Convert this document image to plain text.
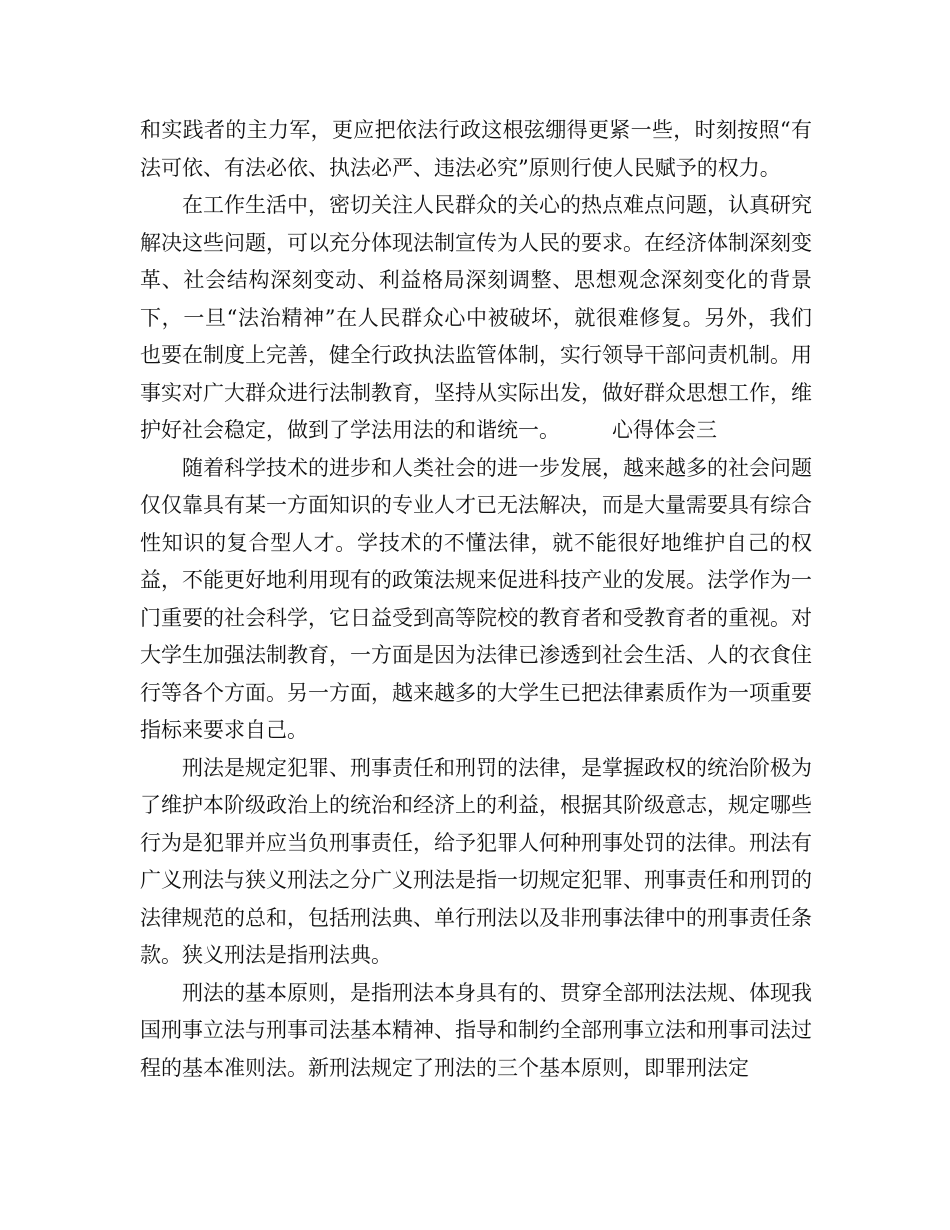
和实践者的主力军，更应把依法行政这根弦绷得更紧一些，时刻按照“有法可依、有法必依、执法必严、违法必究”原则行使人民赋予的权力。

在工作生活中，密切关注人民群众的关心的热点难点问题，认真研究解决这些问题，可以充分体现法制宣传为人民的要求。在经济体制深刻变革、社会结构深刻变动、利益格局深刻调整、思想观念深刻变化的背景下，一旦“法治精神”在人民群众心中被破坏，就很难修复。另外，我们也要在制度上完善，健全行政执法监管体制，实行领导干部问责机制。用事实对广大群众进行法制教育，坚持从实际出发，做好群众思想工作，维护好社会稳定，做到了学法用法的和谐统一。 心得体会三

随着科学技术的进步和人类社会的进一步发展，越来越多的社会问题仅仅靠具有某一方面知识的专业人才已无法解决，而是大量需要具有综合性知识的复合型人才。学技术的不懂法律，就不能很好地维护自己的权益，不能更好地利用现有的政策法规来促进科技产业的发展。法学作为一门重要的社会科学，它日益受到高等院校的教育者和受教育者的重视。对大学生加强法制教育，一方面是因为法律已渗透到社会生活、人的衣食住行等各个方面。另一方面，越来越多的大学生已把法律素质作为一项重要指标来要求自己。

刑法是规定犯罪、刑事责任和刑罚的法律，是掌握政权的统治阶极为了维护本阶级政治上的统治和经济上的利益，根据其阶级意志，规定哪些行为是犯罪并应当负刑事责任，给予犯罪人何种刑事处罚的法律。刑法有广义刑法与狭义刑法之分广义刑法是指一切规定犯罪、刑事责任和刑罚的法律规范的总和，包括刑法典、单行刑法以及非刑事法律中的刑事责任条款。狭义刑法是指刑法典。

刑法的基本原则，是指刑法本身具有的、贯穿全部刑法法规、体现我国刑事立法与刑事司法基本精神、指导和制约全部刑事立法和刑事司法过程的基本准则法。新刑法规定了刑法的三个基本原则，即罪刑法定
